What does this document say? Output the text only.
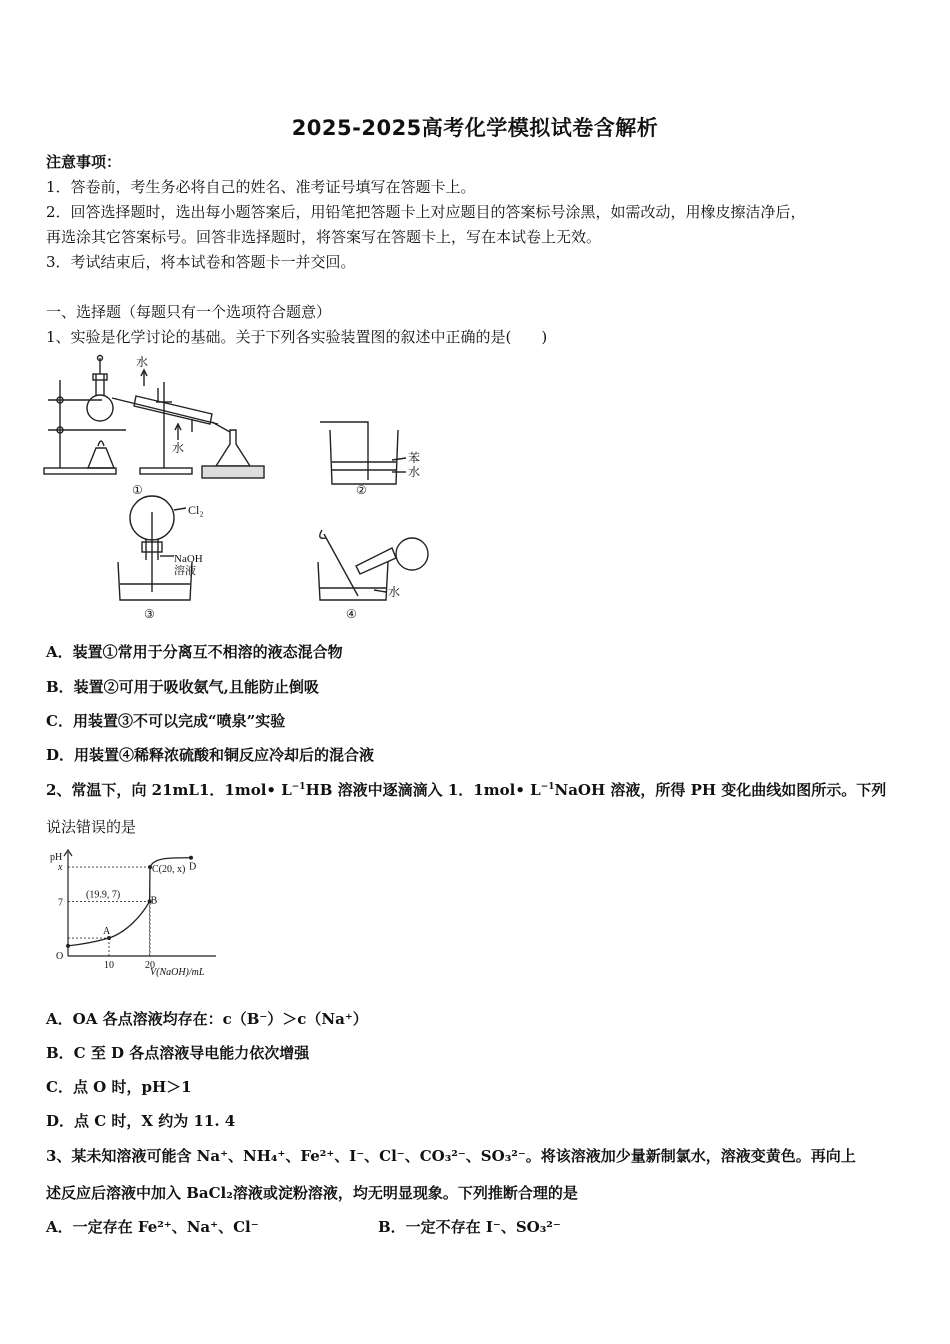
2025-2025高考化学模拟试卷含解析
注意事项：
1．答卷前，考生务必将自己的姓名、准考证号填写在答题卡上。
2．回答选择题时，选出每小题答案后，用铅笔把答题卡上对应题目的答案标号涂黑，如需改动，用橡皮擦洁净后，
再选涂其它答案标号。回答非选择题时，将答案写在答题卡上，写在本试卷上无效。
3．考试结束后，将本试卷和答题卡一并交回。
一、选择题（每题只有一个选项符合题意）
1、实验是化学讨论的基础。关于下列各实验装置图的叙述中正确的是(　　)
水
水
①
苯
水
②
Cl₂
NaOH
溶液
③
水
④
A．装置①常用于分离互不相溶的液态混合物
B．装置②可用于吸收氨气,且能防止倒吸
C．用装置③不可以完成“喷泉”实验
D．用装置④稀释浓硫酸和铜反应冷却后的混合液
2、常温下，向 21mL1．1mol• $L^{-1}HB$ 溶液中逐滴滴入 1．1mol• $L^{-1}NaOH$ 溶液，所得 PH 变化曲线如图所示。下列
说法错误的是
A
(19.9, 7)
B
C(20, x) D
10	20
x
7
pH
V(NaOH)/mL
O
A．OA 各点溶液均存在：c（B⁻）＞c（Na⁺）
B．C 至 D 各点溶液导电能力依次增强
C．点 O 时，pH＞1
D．点 C 时，X 约为 11. 4
3、某未知溶液可能含 Na⁺、NH₄⁺、Fe²⁺、I⁻、Cl⁻、CO₃²⁻、SO₃²⁻。将该溶液加少量新制氯水，溶液变黄色。再向上
述反应后溶液中加入 BaCl₂溶液或淀粉溶液，均无明显现象。下列推断合理的是
A．一定存在 Fe²⁺、Na⁺、Cl⁻	B．一定不存在 I⁻、SO₃²⁻
